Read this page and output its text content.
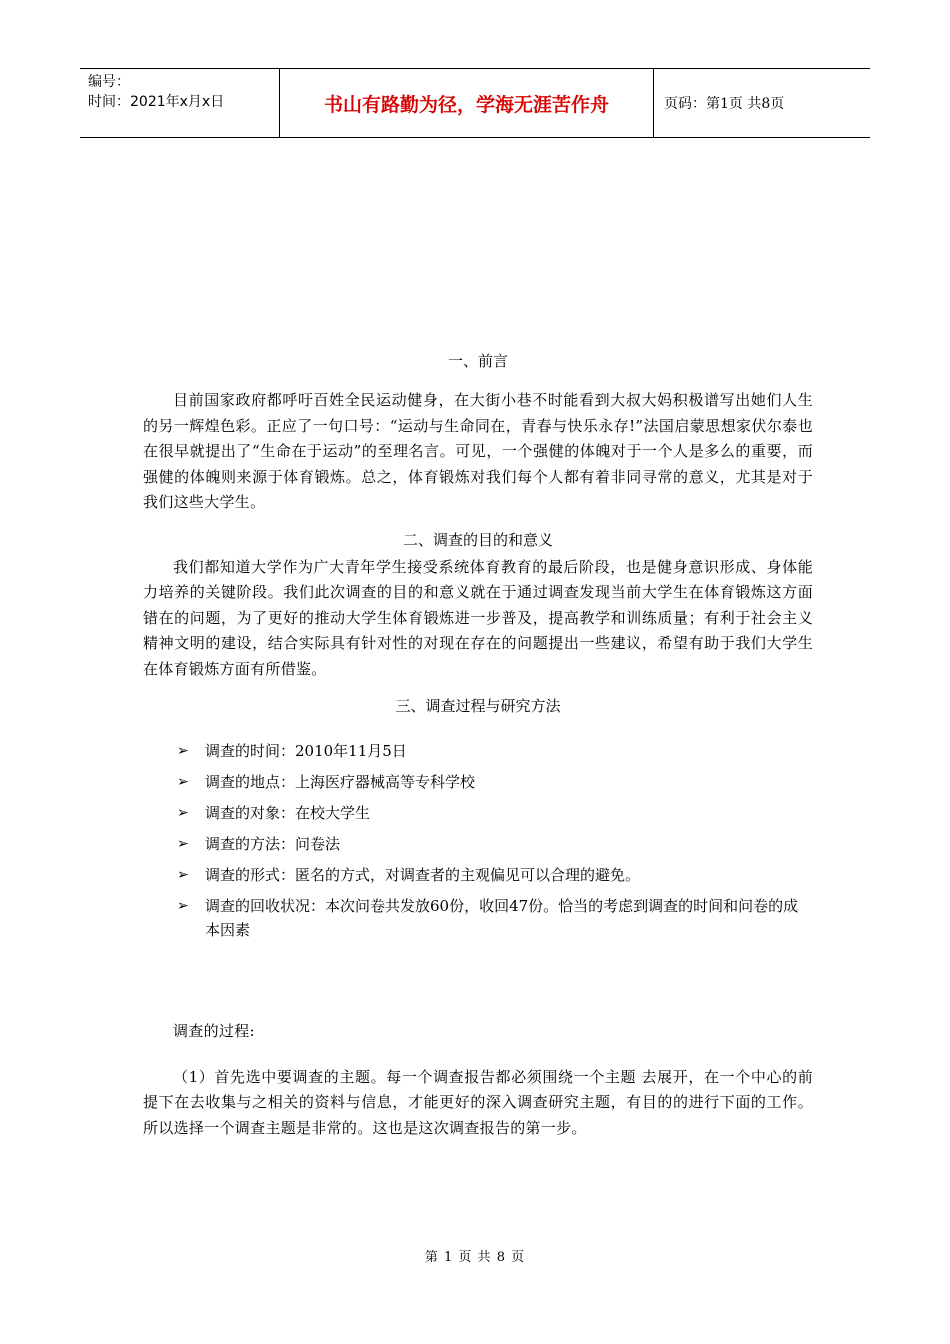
编号：
时间：2021年x月x日	书山有路勤为径，学海无涯苦作舟	页码：第1页 共8页

一、前言

目前国家政府都呼吁百姓全民运动健身，在大街小巷不时能看到大叔大妈积极谱写出她们人生的另一辉煌色彩。正应了一句口号：“运动与生命同在，青春与快乐永存!”法国启蒙思想家伏尔泰也在很早就提出了“生命在于运动”的至理名言。可见，一个强健的体魄对于一个人是多么的重要，而强健的体魄则来源于体育锻炼。总之，体育锻炼对我们每个人都有着非同寻常的意义，尤其是对于我们这些大学生。

二、调查的目的和意义

我们都知道大学作为广大青年学生接受系统体育教育的最后阶段，也是健身意识形成、身体能力培养的关键阶段。我们此次调查的目的和意义就在于通过调查发现当前大学生在体育锻炼这方面错在的问题，为了更好的推动大学生体育锻炼进一步普及，提高教学和训练质量；有利于社会主义精神文明的建设，结合实际具有针对性的对现在存在的问题提出一些建议，希望有助于我们大学生在体育锻炼方面有所借鉴。

三、调查过程与研究方法

➢ 调查的时间：2010年11月5日
➢ 调查的地点：上海医疗器械高等专科学校
➢ 调查的对象：在校大学生
➢ 调查的方法：问卷法
➢ 调查的形式：匿名的方式，对调查者的主观偏见可以合理的避免。
➢ 调查的回收状况：本次问卷共发放60份，收回47份。恰当的考虑到调查的时间和问卷的成本因素

调查的过程:

（1）首先选中要调查的主题。每一个调查报告都必须围绕一个主题 去展开，在一个中心的前提下在去收集与之相关的资料与信息，才能更好的深入调查研究主题，有目的的进行下面的工作。所以选择一个调查主题是非常的。这也是这次调查报告的第一步。

第 1 页 共 8 页
